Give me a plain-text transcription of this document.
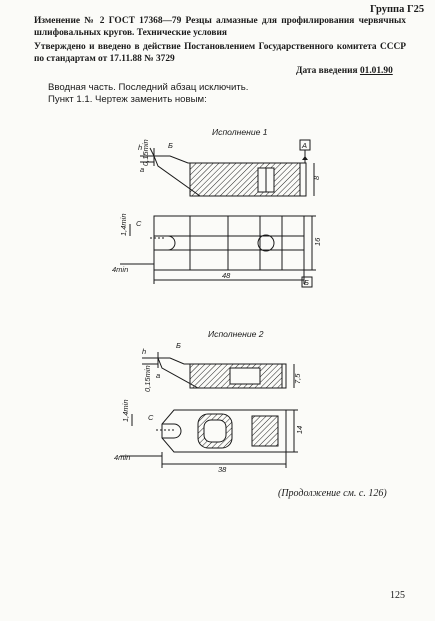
Группа Г25
Изменение № 2 ГОСТ 17368—79 Резцы алмазные для профилирования червячных шлифовальных кругов. Технические условия
Утверждено и введено в действие Постановлением Государственного комитета СССР по стандартам от 17.11.88 № 3729
Дата введения 01.01.90
Вводная часть. Последний абзац исключить.
Пункт 1.1. Чертеж заменить новым:
Исполнение 1
Б
h
а
0,15min
8
1,4min С
16
4min
48
A
Б
Исполнение 2
Б
h
а
0,15min	7,5
1,4min С
14
4min
38
(Продолжение см. с. 126)
125
